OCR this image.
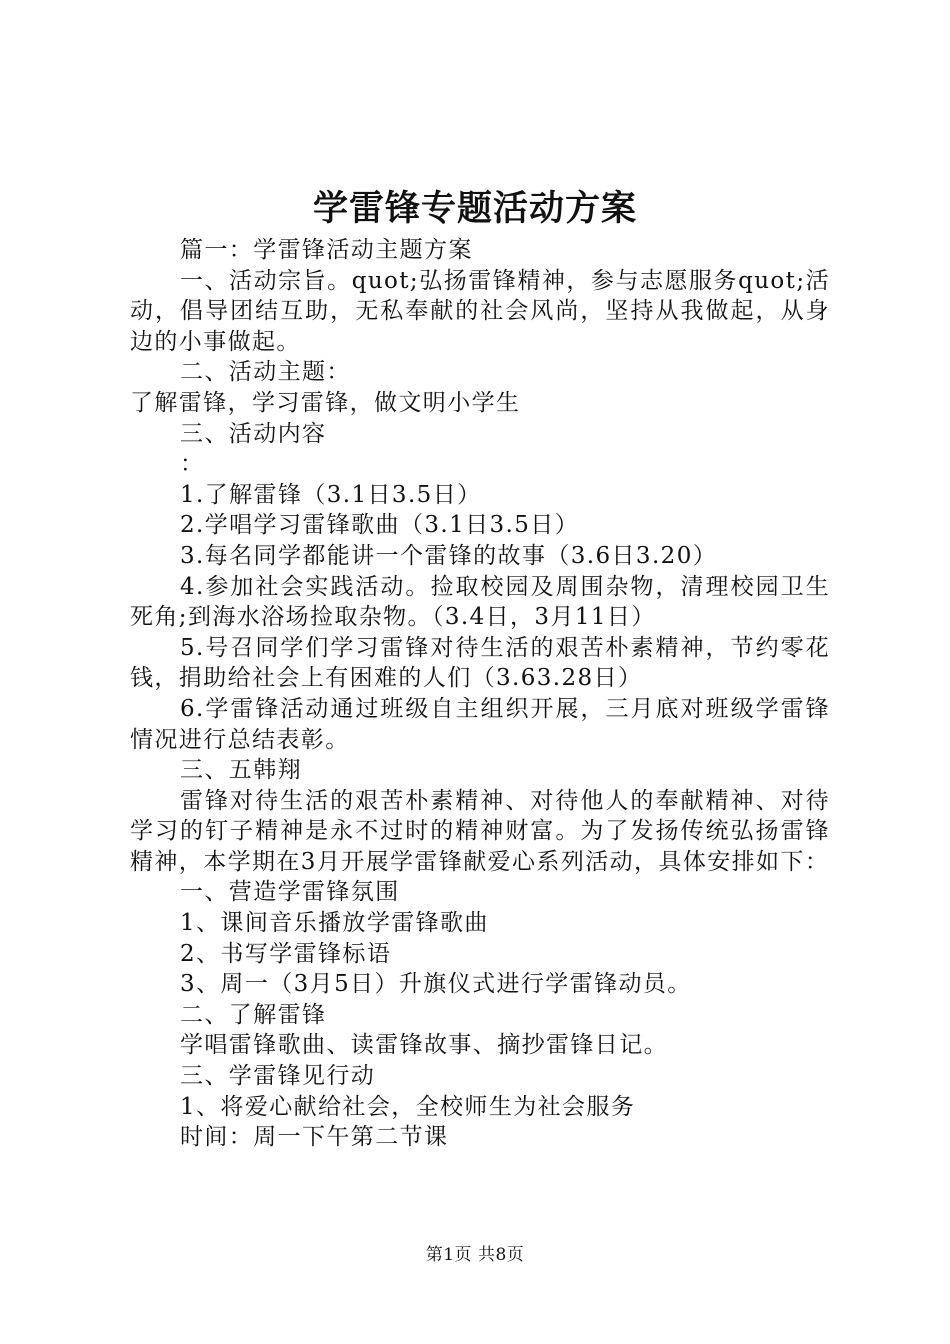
学雷锋专题活动方案

篇一：学雷锋活动主题方案

一、活动宗旨。quot;弘扬雷锋精神，参与志愿服务quot;活动，倡导团结互助，无私奉献的社会风尚，坚持从我做起，从身边的小事做起。

二、活动主题：

了解雷锋，学习雷锋，做文明小学生

三、活动内容

：

1.了解雷锋（3.1日3.5日）

2.学唱学习雷锋歌曲（3.1日3.5日）

3.每名同学都能讲一个雷锋的故事（3.6日3.20）

4.参加社会实践活动。捡取校园及周围杂物，清理校园卫生死角;到海水浴场捡取杂物。（3.4日，3月11日）

5.号召同学们学习雷锋对待生活的艰苦朴素精神，节约零花钱，捐助给社会上有困难的人们（3.63.28日）

6.学雷锋活动通过班级自主组织开展，三月底对班级学雷锋情况进行总结表彰。

三、五韩翔

雷锋对待生活的艰苦朴素精神、对待他人的奉献精神、对待学习的钉子精神是永不过时的精神财富。为了发扬传统弘扬雷锋精神，本学期在3月开展学雷锋献爱心系列活动，具体安排如下：

一、营造学雷锋氛围

1、课间音乐播放学雷锋歌曲

2、书写学雷锋标语

3、周一（3月5日）升旗仪式进行学雷锋动员。

二、了解雷锋

学唱雷锋歌曲、读雷锋故事、摘抄雷锋日记。

三、学雷锋见行动

1、将爱心献给社会，全校师生为社会服务

时间：周一下午第二节课

第1页 共8页
